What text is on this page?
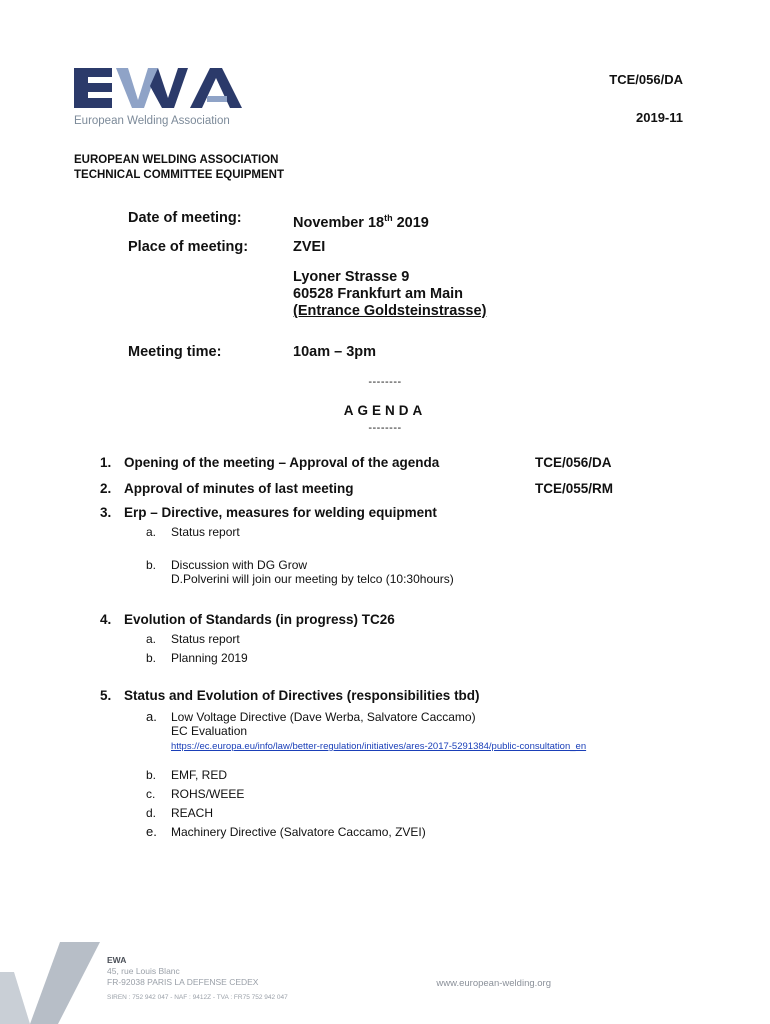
European Welding Association
TCE/056/DA
2019-11
EUROPEAN WELDING ASSOCIATION
TECHNICAL COMMITTEE EQUIPMENT
Date of meeting:	November 18th 2019
Place of meeting:	ZVEI
Lyoner Strasse 9
60528 Frankfurt am Main
(Entrance Goldsteinstrasse)
Meeting time:	10am – 3pm
--------
AGENDA
--------
1. Opening of the meeting – Approval of the agenda	TCE/056/DA
2. Approval of minutes of last meeting	TCE/055/RM
3. Erp – Directive, measures for welding equipment
a. Status report
b. Discussion with DG Grow
D.Polverini will join our meeting by telco (10:30hours)
4. Evolution of Standards (in progress) TC26
a. Status report
b. Planning 2019
5. Status and Evolution of Directives (responsibilities tbd)
a. Low Voltage Directive (Dave Werba, Salvatore Caccamo)
EC Evaluation
https://ec.europa.eu/info/law/better-regulation/initiatives/ares-2017-5291384/public-consultation_en
b. EMF, RED
c. ROHS/WEEE
d. REACH
e. Machinery Directive (Salvatore Caccamo, ZVEI)
EWA
45, rue Louis Blanc
FR-92038 PARIS LA DEFENSE CEDEX
SIREN : 752 942 047 - NAF : 9412Z - TVA : FR75 752 942 047
www.european-welding.org
